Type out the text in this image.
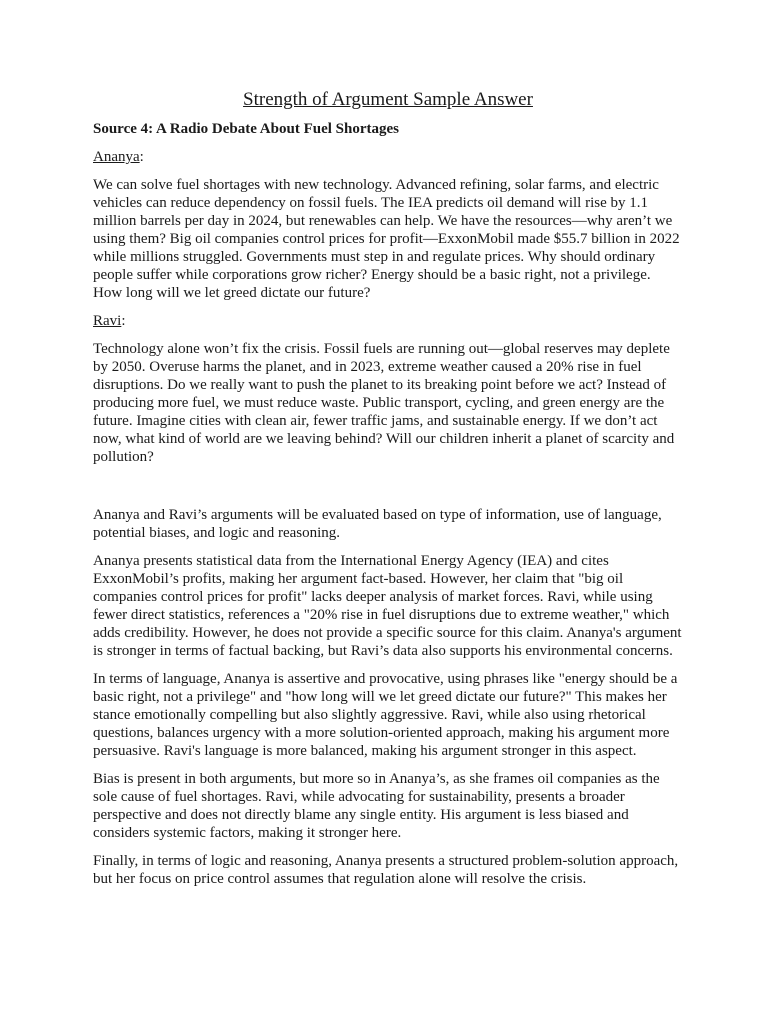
Strength of Argument Sample Answer

Source 4: A Radio Debate About Fuel Shortages

Ananya:

We can solve fuel shortages with new technology. Advanced refining, solar farms, and electric vehicles can reduce dependency on fossil fuels. The IEA predicts oil demand will rise by 1.1 million barrels per day in 2024, but renewables can help. We have the resources—why aren’t we using them? Big oil companies control prices for profit—ExxonMobil made $55.7 billion in 2022 while millions struggled. Governments must step in and regulate prices. Why should ordinary people suffer while corporations grow richer? Energy should be a basic right, not a privilege. How long will we let greed dictate our future?

Ravi:

Technology alone won’t fix the crisis. Fossil fuels are running out—global reserves may deplete by 2050. Overuse harms the planet, and in 2023, extreme weather caused a 20% rise in fuel disruptions. Do we really want to push the planet to its breaking point before we act? Instead of producing more fuel, we must reduce waste. Public transport, cycling, and green energy are the future. Imagine cities with clean air, fewer traffic jams, and sustainable energy. If we don’t act now, what kind of world are we leaving behind? Will our children inherit a planet of scarcity and pollution?

Ananya and Ravi’s arguments will be evaluated based on type of information, use of language, potential biases, and logic and reasoning.

Ananya presents statistical data from the International Energy Agency (IEA) and cites ExxonMobil’s profits, making her argument fact-based. However, her claim that "big oil companies control prices for profit" lacks deeper analysis of market forces. Ravi, while using fewer direct statistics, references a "20% rise in fuel disruptions due to extreme weather," which adds credibility. However, he does not provide a specific source for this claim. Ananya's argument is stronger in terms of factual backing, but Ravi’s data also supports his environmental concerns.

In terms of language, Ananya is assertive and provocative, using phrases like "energy should be a basic right, not a privilege" and "how long will we let greed dictate our future?" This makes her stance emotionally compelling but also slightly aggressive. Ravi, while also using rhetorical questions, balances urgency with a more solution-oriented approach, making his argument more persuasive. Ravi's language is more balanced, making his argument stronger in this aspect.

Bias is present in both arguments, but more so in Ananya’s, as she frames oil companies as the sole cause of fuel shortages. Ravi, while advocating for sustainability, presents a broader perspective and does not directly blame any single entity. His argument is less biased and considers systemic factors, making it stronger here.

Finally, in terms of logic and reasoning, Ananya presents a structured problem-solution approach, but her focus on price control assumes that regulation alone will resolve the crisis.
